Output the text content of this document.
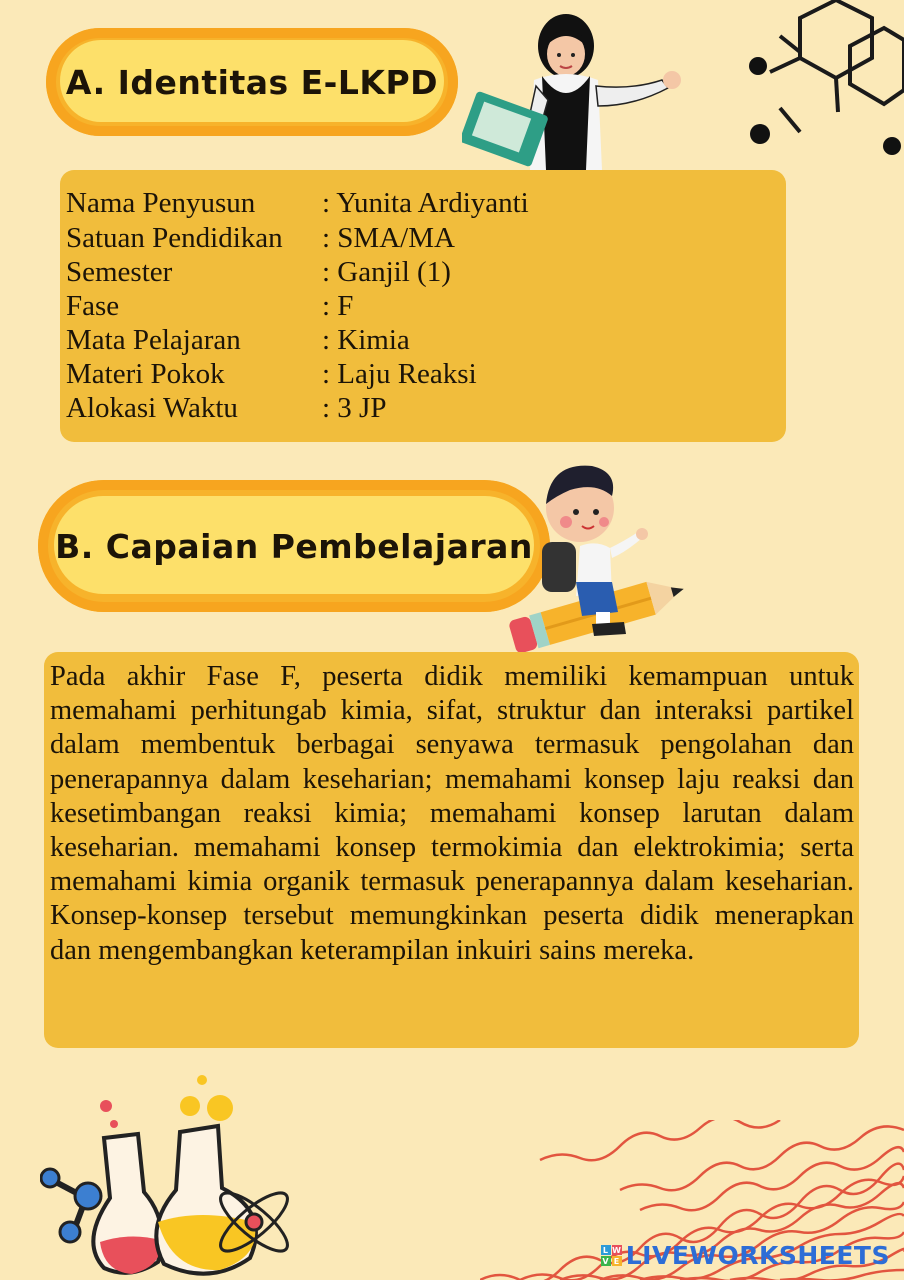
A. Identitas E-LKPD
Nama Penyusun	: Yunita Ardiyanti
Satuan Pendidikan	: SMA/MA
Semester	: Ganjil (1)
Fase	: F
Mata Pelajaran	: Kimia
Materi Pokok	: Laju Reaksi
Alokasi Waktu	: 3 JP
B. Capaian Pembelajaran

Pada akhir Fase F, peserta didik memiliki kemampuan untuk memahami perhitungab kimia, sifat, struktur dan interaksi partikel dalam membentuk berbagai senyawa termasuk pengolahan dan penerapannya dalam keseharian; memahami konsep laju reaksi dan kesetimbangan reaksi kimia; memahami konsep larutan dalam keseharian. memahami konsep termokimia dan elektrokimia; serta memahami kimia organik termasuk penerapannya dalam keseharian. Konsep-konsep tersebut memungkinkan peserta didik menerapkan dan mengembangkan keterampilan inkuiri sains mereka.

L W
V E LIVEWORKSHEETS
